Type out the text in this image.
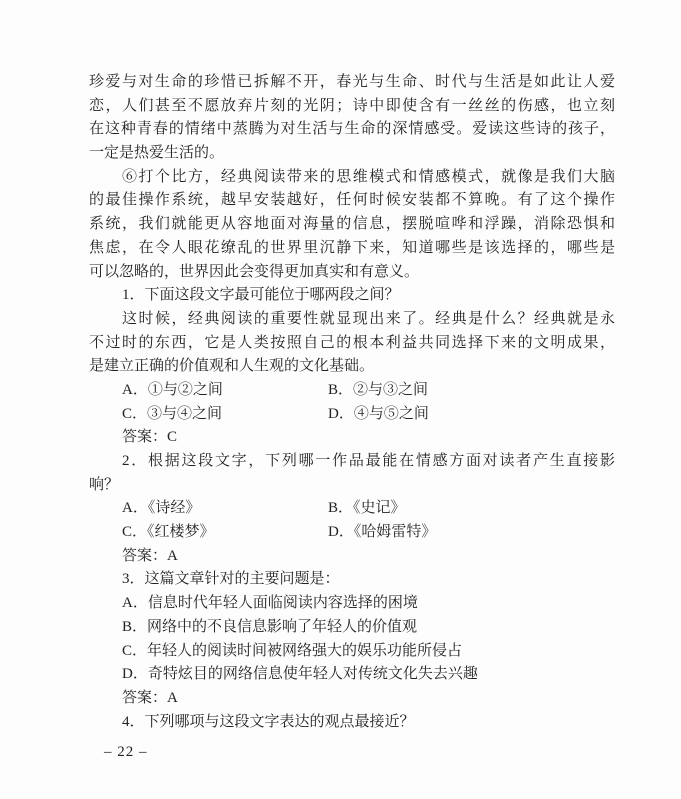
珍爱与对生命的珍惜已拆解不开，春光与生命、时代与生活是如此让人爱
恋，人们甚至不愿放弃片刻的光阴；诗中即使含有一丝丝的伤感，也立刻
在这种青春的情绪中蒸腾为对生活与生命的深情感受。爱读这些诗的孩子，
一定是热爱生活的。
⑥打个比方，经典阅读带来的思维模式和情感模式，就像是我们大脑
的最佳操作系统，越早安装越好，任何时候安装都不算晚。有了这个操作
系统，我们就能更从容地面对海量的信息，摆脱喧哗和浮躁，消除恐惧和
焦虑，在令人眼花缭乱的世界里沉静下来，知道哪些是该选择的，哪些是
可以忽略的，世界因此会变得更加真实和有意义。
1．下面这段文字最可能位于哪两段之间？
这时候，经典阅读的重要性就显现出来了。经典是什么？经典就是永
不过时的东西，它是人类按照自己的根本利益共同选择下来的文明成果，
是建立正确的价值观和人生观的文化基础。
A．①与②之间	B．②与③之间
C．③与④之间	D．④与⑤之间
答案：C
2．根据这段文字，下列哪一作品最能在情感方面对读者产生直接影
响？
A．《诗经》	B．《史记》
C．《红楼梦》	D．《哈姆雷特》
答案：A
3．这篇文章针对的主要问题是：
A．信息时代年轻人面临阅读内容选择的困境
B．网络中的不良信息影响了年轻人的价值观
C．年轻人的阅读时间被网络强大的娱乐功能所侵占
D．奇特炫目的网络信息使年轻人对传统文化失去兴趣
答案：A
4．下列哪项与这段文字表达的观点最接近？
– 22 –
